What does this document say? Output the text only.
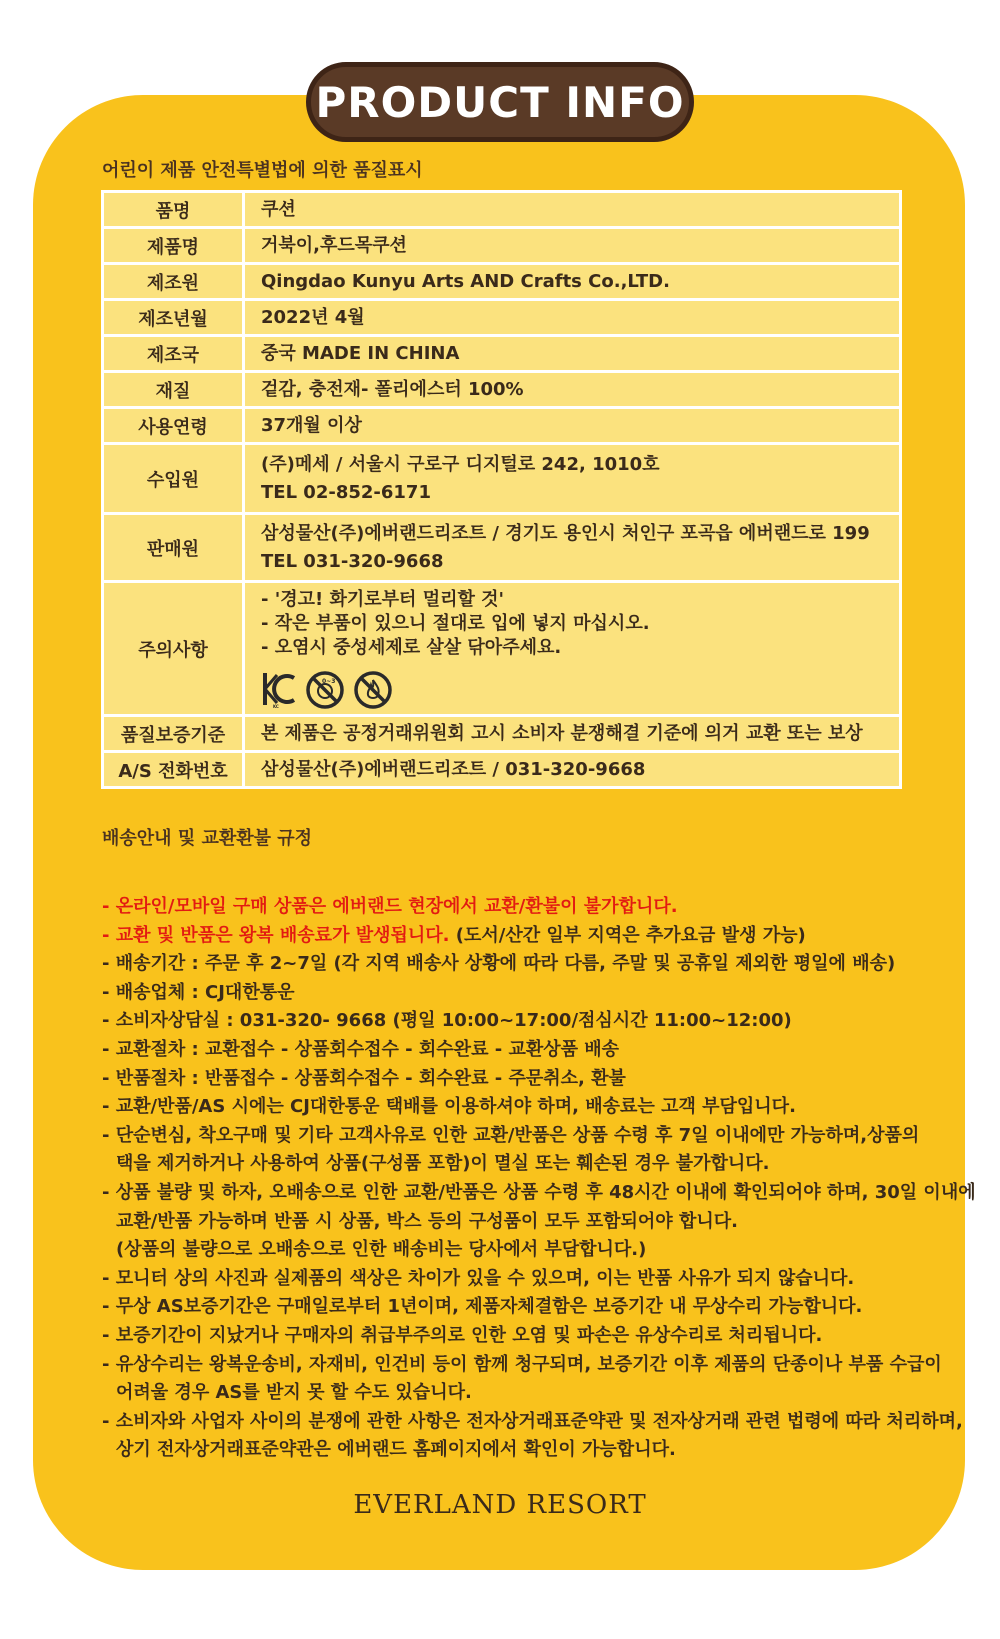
PRODUCT INFO
어린이 제품 안전특별법에 의한 품질표시
품명	쿠션

제품명	거북이,후드목쿠션

제조원	Qingdao Kunyu Arts AND Crafts Co.,LTD.

제조년월	2022년 4월

제조국	중국 MADE IN CHINA

재질	겉감, 충전재- 폴리에스터 100%

사용연령	37개월 이상

수입원	(주)메세 / 서울시 구로구 디지털로 242, 1010호
TEL 02-852-6171

판매원	삼성물산(주)에버랜드리조트 / 경기도 용인시 처인구 포곡읍 에버랜드로 199
TEL 031-320-9668

주의사항	- '경고! 화기로부터 멀리할 것'
- 작은 부품이 있으니 절대로 입에 넣지 마십시오.
- 오염시 중성세제로 살살 닦아주세요.
KC
0~3

품질보증기준	본 제품은 공정거래위원회 고시 소비자 분쟁해결 기준에 의거 교환 또는 보상

A/S 전화번호	삼성물산(주)에버랜드리조트 / 031-320-9668
배송안내 및 교환환불 규정

- 온라인/모바일 구매 상품은 에버랜드 현장에서 교환/환불이 불가합니다.

- 교환 및 반품은 왕복 배송료가 발생됩니다. (도서/산간 일부 지역은 추가요금 발생 가능)

- 배송기간 : 주문 후 2~7일 (각 지역 배송사 상황에 따라 다름, 주말 및 공휴일 제외한 평일에 배송)

- 배송업체 : CJ대한통운

- 소비자상담실 : 031-320- 9668 (평일 10:00~17:00/점심시간 11:00~12:00)

- 교환절차 : 교환접수 - 상품회수접수 - 회수완료 - 교환상품 배송

- 반품절차 : 반품접수 - 상품회수접수 - 회수완료 - 주문취소, 환불

- 교환/반품/AS 시에는 CJ대한통운 택배를 이용하셔야 하며, 배송료는 고객 부담입니다.

- 단순변심, 착오구매 및 기타 고객사유로 인한 교환/반품은 상품 수령 후 7일 이내에만 가능하며,상품의

택을 제거하거나 사용하여 상품(구성품 포함)이 멸실 또는 훼손된 경우 불가합니다.

- 상품 불량 및 하자, 오배송으로 인한 교환/반품은 상품 수령 후 48시간 이내에 확인되어야 하며, 30일 이내에

교환/반품 가능하며 반품 시 상품, 박스 등의 구성품이 모두 포함되어야 합니다.

(상품의 불량으로 오배송으로 인한 배송비는 당사에서 부담합니다.)

- 모니터 상의 사진과 실제품의 색상은 차이가 있을 수 있으며, 이는 반품 사유가 되지 않습니다.

- 무상 AS보증기간은 구매일로부터 1년이며, 제품자체결함은 보증기간 내 무상수리 가능합니다.

- 보증기간이 지났거나 구매자의 취급부주의로 인한 오염 및 파손은 유상수리로 처리됩니다.

- 유상수리는 왕복운송비, 자재비, 인건비 등이 함께 청구되며, 보증기간 이후 제품의 단종이나 부품 수급이

어려울 경우 AS를 받지 못 할 수도 있습니다.

- 소비자와 사업자 사이의 분쟁에 관한 사항은 전자상거래표준약관 및 전자상거래 관련 법령에 따라 처리하며,

상기 전자상거래표준약관은 에버랜드 홈페이지에서 확인이 가능합니다.

EVERLAND RESORT
